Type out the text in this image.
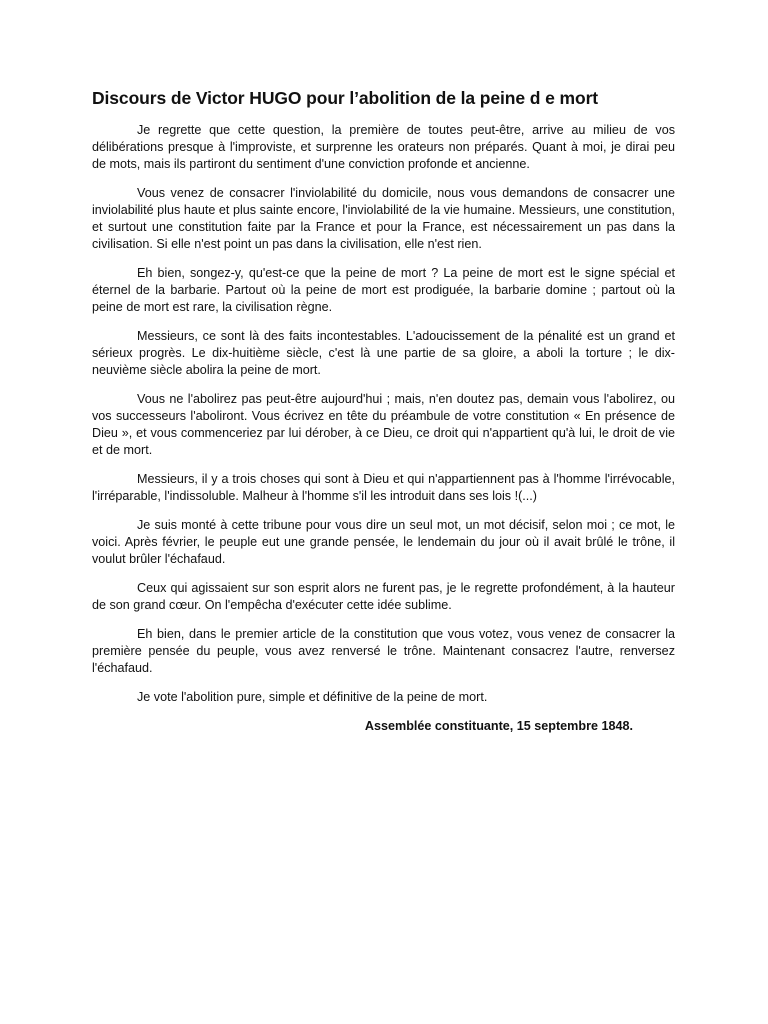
Discours de Victor HUGO pour l’abolition de la peine d e mort

Je regrette que cette question, la première de toutes peut-être, arrive au milieu de vos délibérations presque à l'improviste, et surprenne les orateurs non préparés. Quant à moi, je dirai peu de mots, mais ils partiront du sentiment d'une conviction profonde et ancienne.

Vous venez de consacrer l'inviolabilité du domicile, nous vous demandons de consacrer une inviolabilité plus haute et plus sainte encore, l'inviolabilité de la vie humaine. Messieurs, une constitution, et surtout une constitution faite par la France et pour la France, est nécessairement un pas dans la civilisation. Si elle n'est point un pas dans la civilisation, elle n'est rien.

Eh bien, songez-y, qu'est-ce que la peine de mort ? La peine de mort est le signe spécial et éternel de la barbarie. Partout où la peine de mort est prodiguée, la barbarie domine ; partout où la peine de mort est rare, la civilisation règne.

Messieurs, ce sont là des faits incontestables. L'adoucissement de la pénalité est un grand et sérieux progrès. Le dix-huitième siècle, c'est là une partie de sa gloire, a aboli la torture ; le dix-neuvième siècle abolira la peine de mort.

Vous ne l'abolirez pas peut-être aujourd'hui ; mais, n'en doutez pas, demain vous l'abolirez, ou vos successeurs l'aboliront. Vous écrivez en tête du préambule de votre constitution « En présence de Dieu », et vous commenceriez par lui dérober, à ce Dieu, ce droit qui n'appartient qu'à lui, le droit de vie et de mort.

Messieurs, il y a trois choses qui sont à Dieu et qui n'appartiennent pas à l'homme l'irrévocable, l'irréparable, l'indissoluble. Malheur à l'homme s'il les introduit dans ses lois !(...)

Je suis monté à cette tribune pour vous dire un seul mot, un mot décisif, selon moi ; ce mot, le voici. Après février, le peuple eut une grande pensée, le lendemain du jour où il avait brûlé le trône, il voulut brûler l'échafaud.

Ceux qui agissaient sur son esprit alors ne furent pas, je le regrette profondément, à la hauteur de son grand cœur. On l'empêcha d'exécuter cette idée sublime.

Eh bien, dans le premier article de la constitution que vous votez, vous venez de consacrer la première pensée du peuple, vous avez renversé le trône. Maintenant consacrez l'autre, renversez l'échafaud.

Je vote l'abolition pure, simple et définitive de la peine de mort.

Assemblée constituante, 15 septembre 1848.
